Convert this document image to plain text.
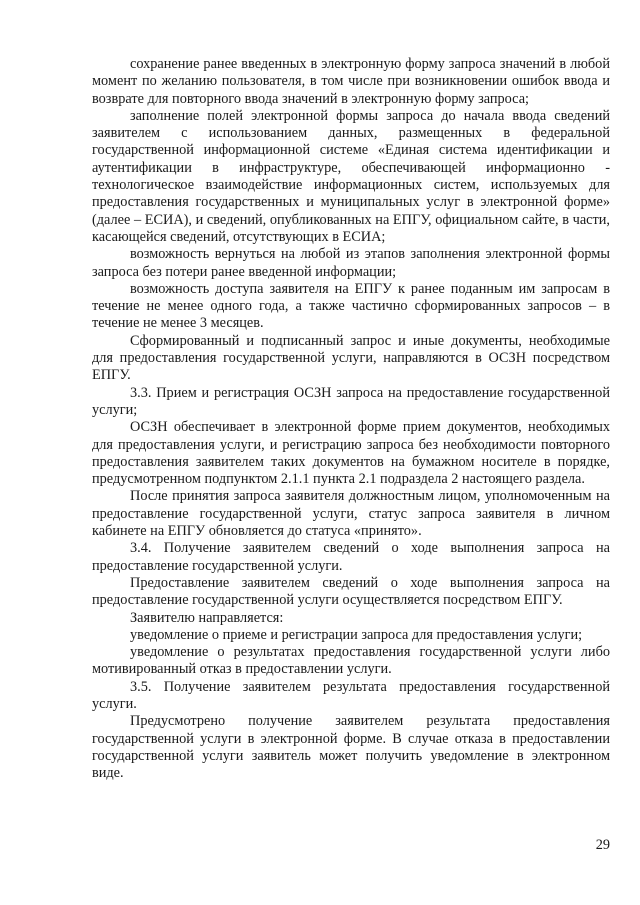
сохранение ранее введенных в электронную форму запроса значений в любой момент по желанию пользователя, в том числе при возникновении ошибок ввода и возврате для повторного ввода значений в электронную форму запроса;

заполнение полей электронной формы запроса до начала ввода сведений заявителем с использованием данных, размещенных в федеральной государственной информационной системе «Единая система идентификации и аутентификации в инфраструктуре, обеспечивающей информационно - технологическое взаимодействие информационных систем, используемых для предоставления государственных и муниципальных услуг в электронной форме» (далее – ЕСИА), и сведений, опубликованных на ЕПГУ, официальном сайте, в части, касающейся сведений, отсутствующих в ЕСИА;

возможность вернуться на любой из этапов заполнения электронной формы запроса без потери ранее введенной информации;

возможность доступа заявителя на ЕПГУ к ранее поданным им запросам в течение не менее одного года, а также частично сформированных запросов – в течение не менее 3 месяцев.

Сформированный и подписанный запрос и иные документы, необходимые для предоставления государственной услуги, направляются в ОСЗН посредством ЕПГУ.

3.3. Прием и регистрация ОСЗН запроса на предоставление государственной услуги;

ОСЗН обеспечивает в электронной форме прием документов, необходимых для предоставления услуги, и регистрацию запроса без необходимости повторного предоставления заявителем таких документов на бумажном носителе в порядке, предусмотренном подпунктом 2.1.1 пункта 2.1 подраздела 2 настоящего раздела.

После принятия запроса заявителя должностным лицом, уполномоченным на предоставление государственной услуги, статус запроса заявителя в личном кабинете на ЕПГУ обновляется до статуса «принято».

3.4. Получение заявителем сведений о ходе выполнения запроса на предоставление государственной услуги.

Предоставление заявителем сведений о ходе выполнения запроса на предоставление государственной услуги осуществляется посредством ЕПГУ.

Заявителю направляется:

уведомление о приеме и регистрации запроса для предоставления услуги;

уведомление о результатах предоставления государственной услуги либо мотивированный отказ в предоставлении услуги.

3.5. Получение заявителем результата предоставления государственной услуги.

Предусмотрено получение заявителем результата предоставления государственной услуги в электронной форме. В случае отказа в предоставлении государственной услуги заявитель может получить уведомление в электронном виде.

29
